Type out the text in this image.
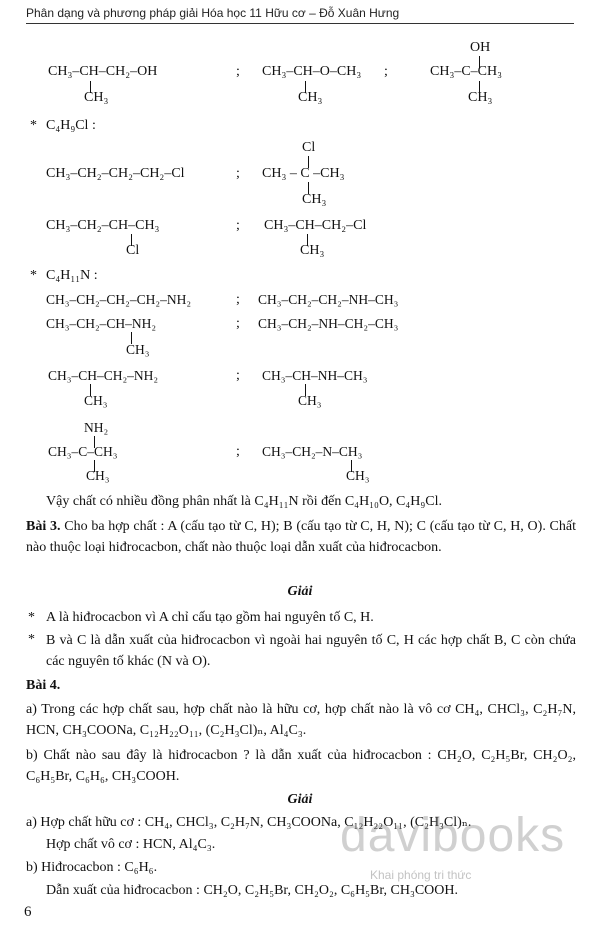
Phân dạng và phương pháp giải Hóa học 11 Hữu cơ – Đỗ Xuân Hưng
CH₃–CH–CH₂–OH
CH₃
; CH₃–CH–O–CH₃
CH₃
;
OH
CH₃–C–CH₃
CH₃
* C₄H₉Cl :
CH₃–CH₂–CH₂–CH₂–Cl	;
Cl
CH₃ – C –CH₃
CH₃
CH₃–CH₂–CH–CH₃
Cl
; CH₃–CH–CH₂–Cl
CH₃
* C₄H₁₁N :
CH₃–CH₂–CH₂–CH₂–NH₂	; CH₃–CH₂–CH₂–NH–CH₃
CH₃–CH₂–CH–NH₂
CH₃
; CH₃–CH₂–NH–CH₂–CH₃
CH₃–CH–CH₂–NH₂
CH₃
; CH₃–CH–NH–CH₃
CH₃
NH₂
CH₃–C–CH₃
CH₃
; CH₃–CH₂–N–CH₃
CH₃
Vậy chất có nhiều đồng phân nhất là C₄H₁₁N rồi đến C₄H₁₀O, C₄H₉Cl.
Bài 3. Cho ba hợp chất : A (cấu tạo từ C, H); B (cấu tạo từ C, H, N); C (cấu tạo từ C, H, O). Chất nào thuộc loại hiđrocacbon, chất nào thuộc loại dẫn xuất của hiđrocacbon.
Giải
* A là hiđrocacbon vì A chỉ cấu tạo gồm hai nguyên tố C, H.
* B và C là dẫn xuất của hiđrocacbon vì ngoài hai nguyên tố C, H các hợp chất B, C còn chứa các nguyên tố khác (N và O).
Bài 4.
a) Trong các hợp chất sau, hợp chất nào là hữu cơ, hợp chất nào là vô cơ CH₄, CHCl₃, C₂H₇N, HCN, CH₃COONa, C₁₂H₂₂O₁₁, (C₂H₃Cl)ₙ, Al₄C₃.
b) Chất nào sau đây là hiđrocacbon ? là dẫn xuất của hiđrocacbon : CH₂O, C₂H₅Br, CH₂O₂, C₆H₅Br, C₆H₆, CH₃COOH.
Giải
a) Hợp chất hữu cơ : CH₄, CHCl₃, C₂H₇N, CH₃COONa, C₁₂H₂₂O₁₁, (C₂H₃Cl)ₙ.
Hợp chất vô cơ : HCN, Al₄C₃.
b) Hiđrocacbon : C₆H₆.
Dẫn xuất của hiđrocacbon : CH₂O, C₂H₅Br, CH₂O₂, C₆H₅Br, CH₃COOH.
davibooks
Khai phóng tri thức
6
